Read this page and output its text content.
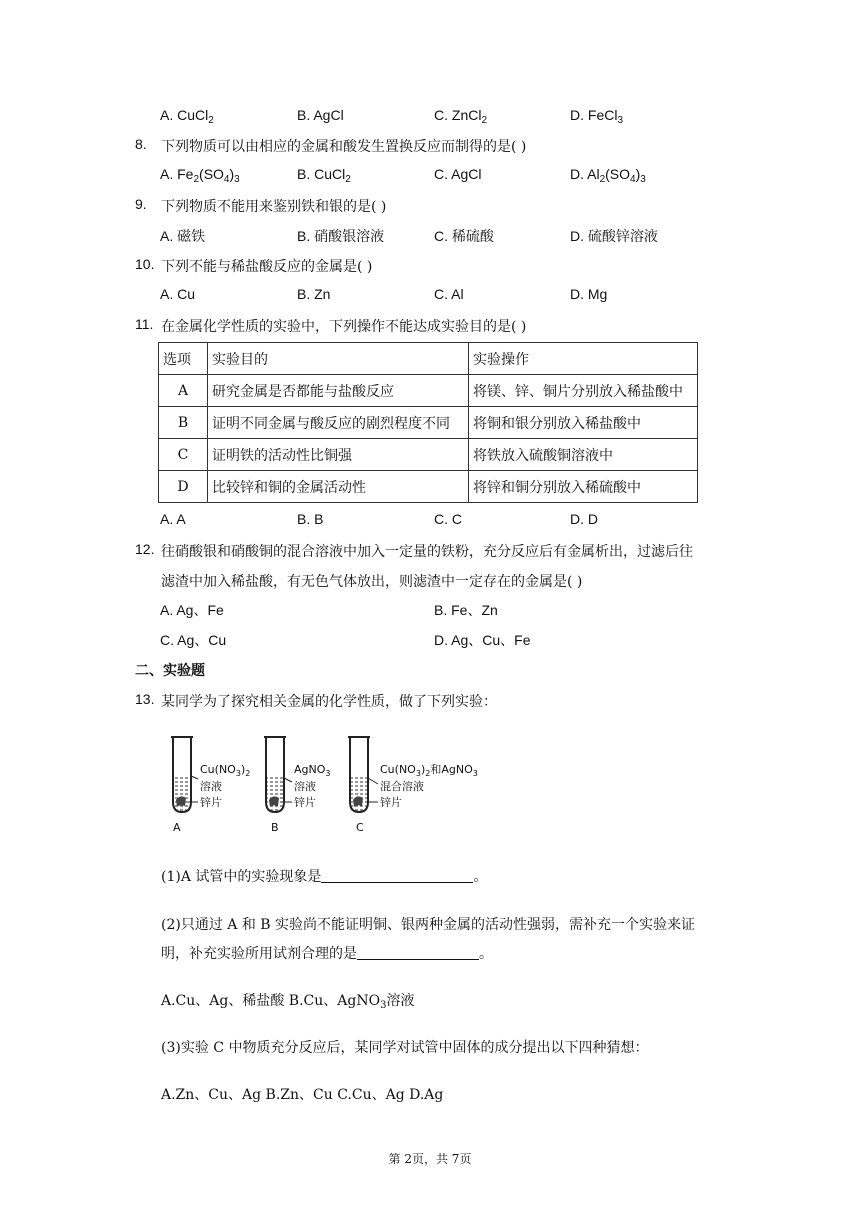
A. CuCl$_2$	B. AgCl	C. ZnCl$_2$	D. FeCl$_3$
8. 下列物质可以由相应的金属和酸发生置换反应而制得的是( )
A. $Fe_2(SO_4)_3$	B. CuCl$_2$	C. AgCl	D. $Al_2(SO_4)_3$
9. 下列物质不能用来鉴别铁和银的是( )
A. 磁铁	B. 硝酸银溶液	C. 稀硫酸	D. 硫酸锌溶液
10. 下列不能与稀盐酸反应的金属是( )
A. Cu	B. Zn	C. Al	D. Mg
11. 在金属化学性质的实验中，下列操作不能达成实验目的是( )
选项	实验目的	实验操作
A	研究金属是否都能与盐酸反应	将镁、锌、铜片分别放入稀盐酸中
B	证明不同金属与酸反应的剧烈程度不同	将铜和银分别放入稀盐酸中
C	证明铁的活动性比铜强	将铁放入硫酸铜溶液中
D	比较锌和铜的金属活动性	将锌和铜分别放入稀硫酸中
A. A	B. B	C. C	D. D
12. 往硝酸银和硝酸铜的混合溶液中加入一定量的铁粉，充分反应后有金属析出，过滤后往
滤渣中加入稀盐酸，有无色气体放出，则滤渣中一定存在的金属是( )
A. Ag、Fe	B. Fe、Zn
C. Ag、Cu	D. Ag、Cu、Fe
二、实验题
13. 某同学为了探究相关金属的化学性质，做了下列实验：
$Cu(NO_3)_2$
溶液
锌片
A
AgNO$_3$
溶液
锌片
B
$Cu(NO_3)_2$和AgNO$_3$
混合溶液
锌片
C
(1)A 试管中的实验现象是	。
(2)只通过 A 和 B 实验尚不能证明铜、银两种金属的活动性强弱，需补充一个实验来证
明，补充实验所用试剂合理的是	。
A.Cu、Ag、稀盐酸 B.Cu、AgNO$_3$溶液
(3)实验 C 中物质充分反应后，某同学对试管中固体的成分提出以下四种猜想：
A.Zn、Cu、Ag B.Zn、Cu C.Cu、Ag D.Ag
第 2页，共 7页
